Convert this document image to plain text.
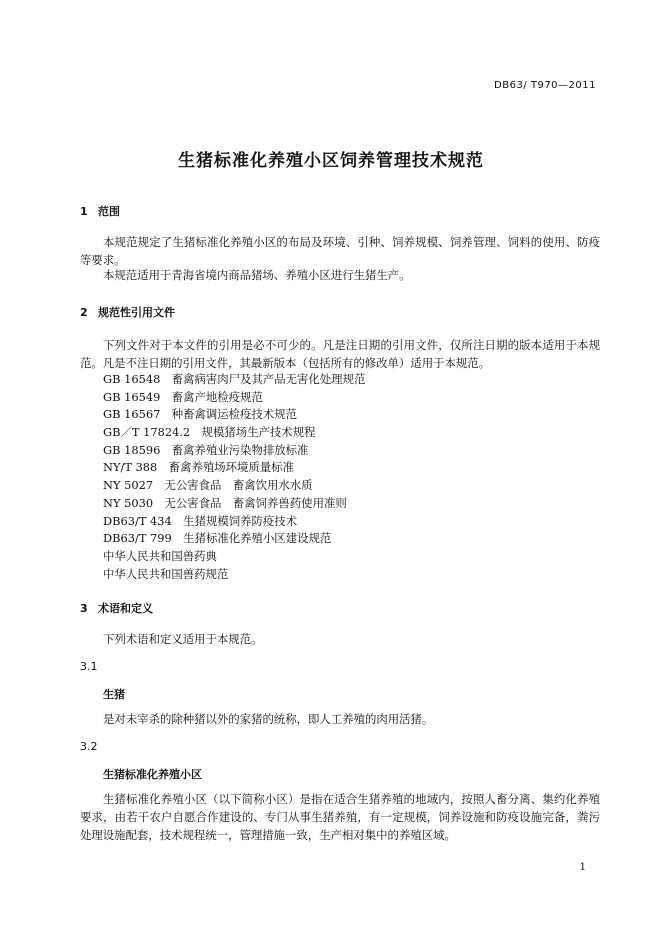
DB63/ T970—2011
生猪标准化养殖小区饲养管理技术规范
1 范围
本规范规定了生猪标准化养殖小区的布局及环境、引种、饲养规模、饲养管理、饲料的使用、防疫等要求。
本规范适用于青海省境内商品猪场、养殖小区进行生猪生产。
2 规范性引用文件
下列文件对于本文件的引用是必不可少的。凡是注日期的引用文件，仅所注日期的版本适用于本规范。凡是不注日期的引用文件，其最新版本（包括所有的修改单）适用于本规范。
GB 16548　畜禽病害肉尸及其产品无害化处理规范
GB 16549　畜禽产地检疫规范
GB 16567　种畜禽调运检疫技术规范
GB／T 17824.2　规模猪场生产技术规程
GB 18596　畜禽养殖业污染物排放标准
NY/T 388　畜禽养殖场环境质量标准
NY 5027　无公害食品　畜禽饮用水水质
NY 5030　无公害食品　畜禽饲养兽药使用准则
DB63/T 434　生猪规模饲养防疫技术
DB63/T 799　生猪标准化养殖小区建设规范
中华人民共和国兽药典
中华人民共和国兽药规范
3 术语和定义
下列术语和定义适用于本规范。
3.1
生猪
是对未宰杀的除种猪以外的家猪的统称，即人工养殖的肉用活猪。
3.2
生猪标准化养殖小区
生猪标准化养殖小区（以下简称小区）是指在适合生猪养殖的地域内，按照人畜分离、集约化养殖要求，由若干农户自愿合作建设的、专门从事生猪养殖，有一定规模，饲养设施和防疫设施完备，粪污处理设施配套，技术规程统一，管理措施一致，生产相对集中的养殖区域。
1
